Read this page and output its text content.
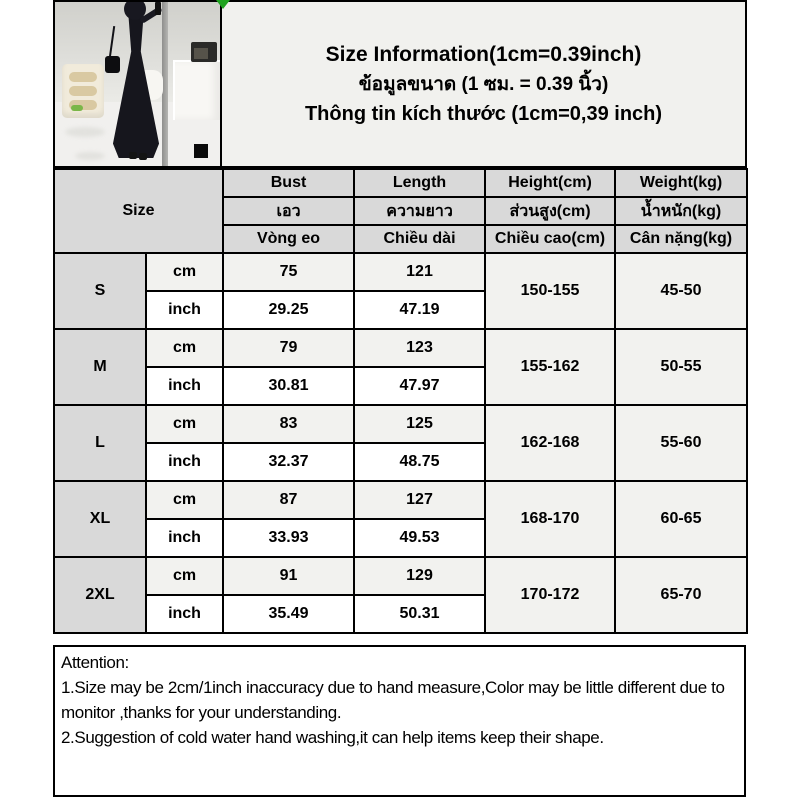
Size Information(1cm=0.39inch)
ข้อมูลขนาด (1 ซม. = 0.39 นิ้ว)
Thông tin kích thước (1cm=0,39 inch)
Size		Bust	Length	Height(cm)	Weight(kg)
		เอว	ความยาว	ส่วนสูง(cm)	น้ำหนัก(kg)
		Vòng eo	Chiều dài	Chiều cao(cm)	Cân nặng(kg)
S	cm	75	121	150-155	45-50
	inch	29.25	47.19		
M	cm	79	123	155-162	50-55
	inch	30.81	47.97		
L	cm	83	125	162-168	55-60
	inch	32.37	48.75		
XL	cm	87	127	168-170	60-65
	inch	33.93	49.53		
2XL	cm	91	129	170-172	65-70
	inch	35.49	50.31		
Attention:
1.Size may be 2cm/1inch inaccuracy due to hand measure,Color may be little different due to monitor ,thanks for your understanding.
2.Suggestion of cold water hand washing,it can help items keep their shape.
